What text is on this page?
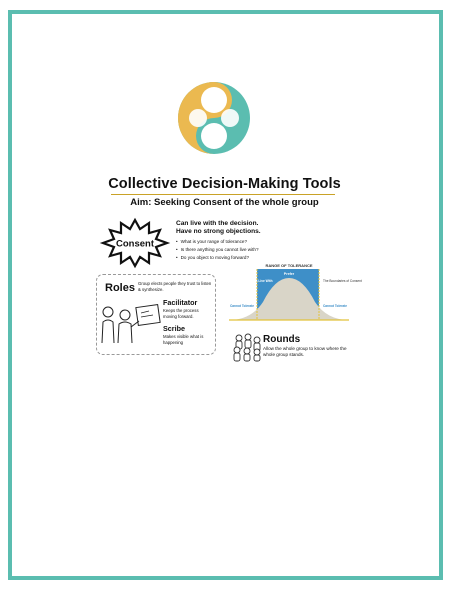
Collective Decision-Making Tools
Aim: Seeking Consent of the whole group
Consent
Can live with the decision.
Have no strong objections.
• What is your range of tolerance?
• Is there anything you cannot live with?
• Do you object to moving forward?
Roles Group elects people they trust to listen & synthesize.
Facilitator
Keeps the process moving forward.
Scribe
Makes visible what is happening
RANGE OF TOLERANCE
Prefer
Can Live With
Cannot Tolerate	Cannot Tolerate
The Boundaries of Consent
Rounds
Allow the whole group to know where the whole group stands.
